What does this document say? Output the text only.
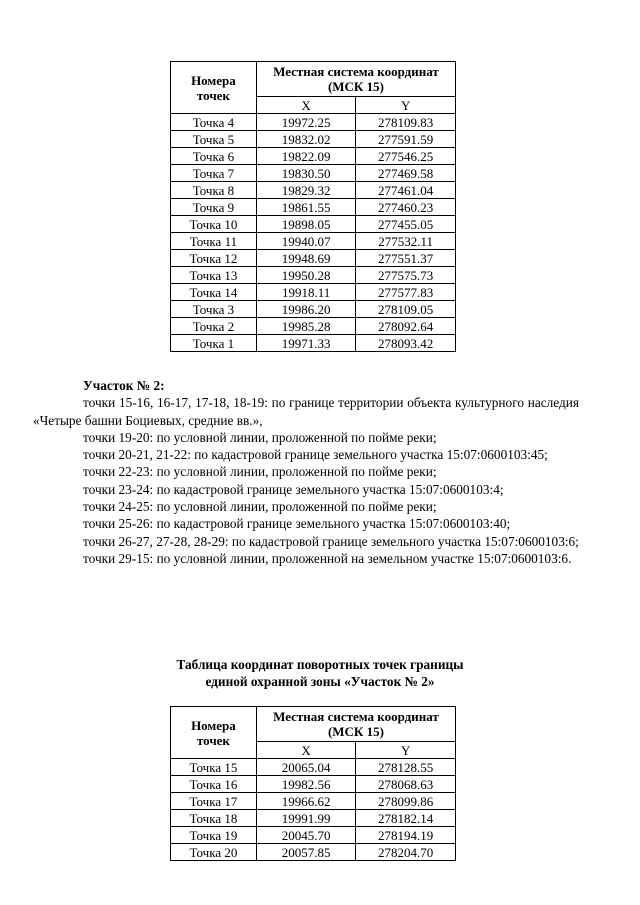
Номера точек	Местная система координат (МСК 15)	
	X	Y
Точка 4	19972.25	278109.83
Точка 5	19832.02	277591.59
Точка 6	19822.09	277546.25
Точка 7	19830.50	277469.58
Точка 8	19829.32	277461.04
Точка 9	19861.55	277460.23
Точка 10	19898.05	277455.05
Точка 11	19940.07	277532.11
Точка 12	19948.69	277551.37
Точка 13	19950.28	277575.73
Точка 14	19918.11	277577.83
Точка 3	19986.20	278109.05
Точка 2	19985.28	278092.64
Точка 1	19971.33	278093.42

Участок № 2:

точки 15-16, 16-17, 17-18, 18-19: по границе территории объекта культурного наследия «Четыре башни Боциевых, средние вв.»,

точки 19-20: по условной линии, проложенной по пойме реки;

точки 20-21, 21-22: по кадастровой границе земельного участка 15:07:0600103:45;

точки 22-23: по условной линии, проложенной по пойме реки;

точки 23-24: по кадастровой границе земельного участка 15:07:0600103:4;

точки 24-25: по условной линии, проложенной по пойме реки;

точки 25-26: по кадастровой границе земельного участка 15:07:0600103:40;

точки 26-27, 27-28, 28-29: по кадастровой границе земельного участка 15:07:0600103:6;

точки 29-15: по условной линии, проложенной на земельном участке 15:07:0600103:6.

Таблица координат поворотных точек границы
единой охранной зоны «Участок № 2»
Номера точек	Местная система координат (МСК 15)	
	X	Y
Точка 15	20065.04	278128.55
Точка 16	19982.56	278068.63
Точка 17	19966.62	278099.86
Точка 18	19991.99	278182.14
Точка 19	20045.70	278194.19
Точка 20	20057.85	278204.70
